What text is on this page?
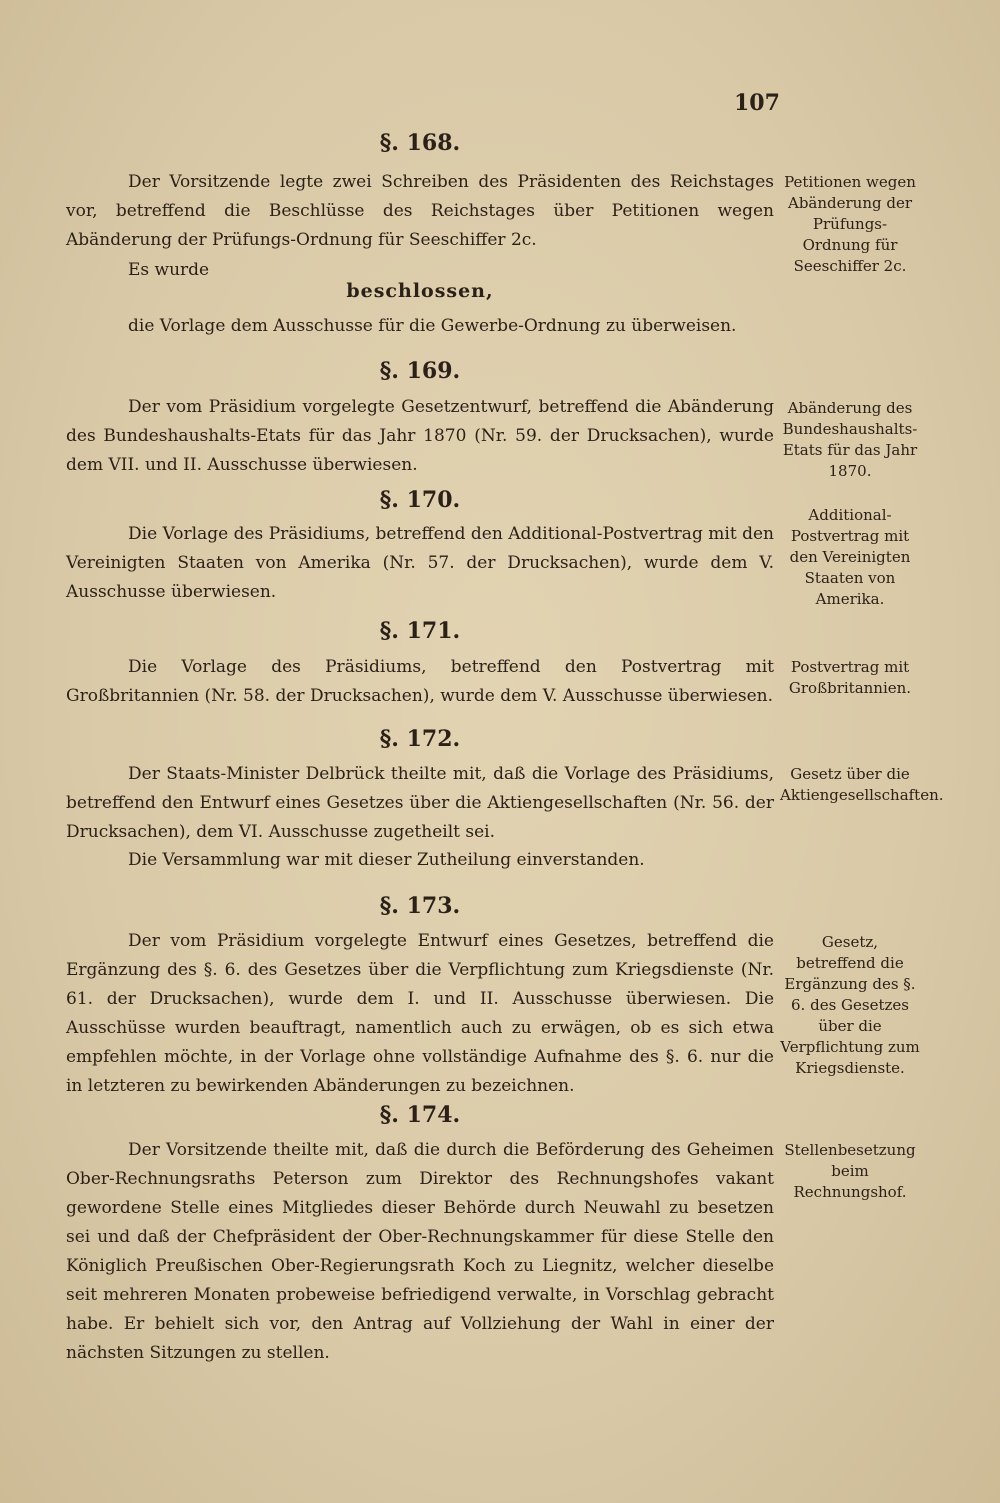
107
§. 168.

Der Vorsitzende legte zwei Schreiben des Präsidenten des Reichstages vor, betreffend die Beschlüsse des Reichstages über Petitionen wegen Abänderung der Prüfungs-Ordnung für Seeschiffer 2c.

Es wurde

beschlossen,

die Vorlage dem Ausschusse für die Gewerbe-Ordnung zu überweisen.

Petitionen wegen Abänderung der Prüfungs-Ordnung für Seeschiffer 2c.
§. 169.

Der vom Präsidium vorgelegte Gesetzentwurf, betreffend die Abänderung des Bundeshaushalts-Etats für das Jahr 1870 (Nr. 59. der Drucksachen), wurde dem VII. und II. Ausschusse überwiesen.

Abänderung des Bundeshaushalts-Etats für das Jahr 1870.
§. 170.

Die Vorlage des Präsidiums, betreffend den Additional-Postvertrag mit den Vereinigten Staaten von Amerika (Nr. 57. der Drucksachen), wurde dem V. Ausschusse überwiesen.

Additional-Postvertrag mit den Vereinigten Staaten von Amerika.
§. 171.

Die Vorlage des Präsidiums, betreffend den Postvertrag mit Großbritannien (Nr. 58. der Drucksachen), wurde dem V. Ausschusse überwiesen.

Postvertrag mit Großbritannien.
§. 172.

Der Staats-Minister Delbrück theilte mit, daß die Vorlage des Präsidiums, betreffend den Entwurf eines Gesetzes über die Aktiengesellschaften (Nr. 56. der Drucksachen), dem VI. Ausschusse zugetheilt sei.

Die Versammlung war mit dieser Zutheilung einverstanden.

Gesetz über die Aktiengesellschaften.
§. 173.

Der vom Präsidium vorgelegte Entwurf eines Gesetzes, betreffend die Ergänzung des §. 6. des Gesetzes über die Verpflichtung zum Kriegsdienste (Nr. 61. der Drucksachen), wurde dem I. und II. Ausschusse überwiesen. Die Ausschüsse wurden beauftragt, namentlich auch zu erwägen, ob es sich etwa empfehlen möchte, in der Vorlage ohne vollständige Aufnahme des §. 6. nur die in letzteren zu bewirkenden Abänderungen zu bezeichnen.

Gesetz, betreffend die Ergänzung des §. 6. des Gesetzes über die Verpflichtung zum Kriegsdienste.
§. 174.

Der Vorsitzende theilte mit, daß die durch die Beförderung des Geheimen Ober-Rechnungsraths Peterson zum Direktor des Rechnungshofes vakant gewordene Stelle eines Mitgliedes dieser Behörde durch Neuwahl zu besetzen sei und daß der Chefpräsident der Ober-Rechnungskammer für diese Stelle den Königlich Preußischen Ober-Regierungsrath Koch zu Liegnitz, welcher dieselbe seit mehreren Monaten probeweise befriedigend verwalte, in Vorschlag gebracht habe. Er behielt sich vor, den Antrag auf Vollziehung der Wahl in einer der nächsten Sitzungen zu stellen.

Stellenbesetzung beim Rechnungshof.
